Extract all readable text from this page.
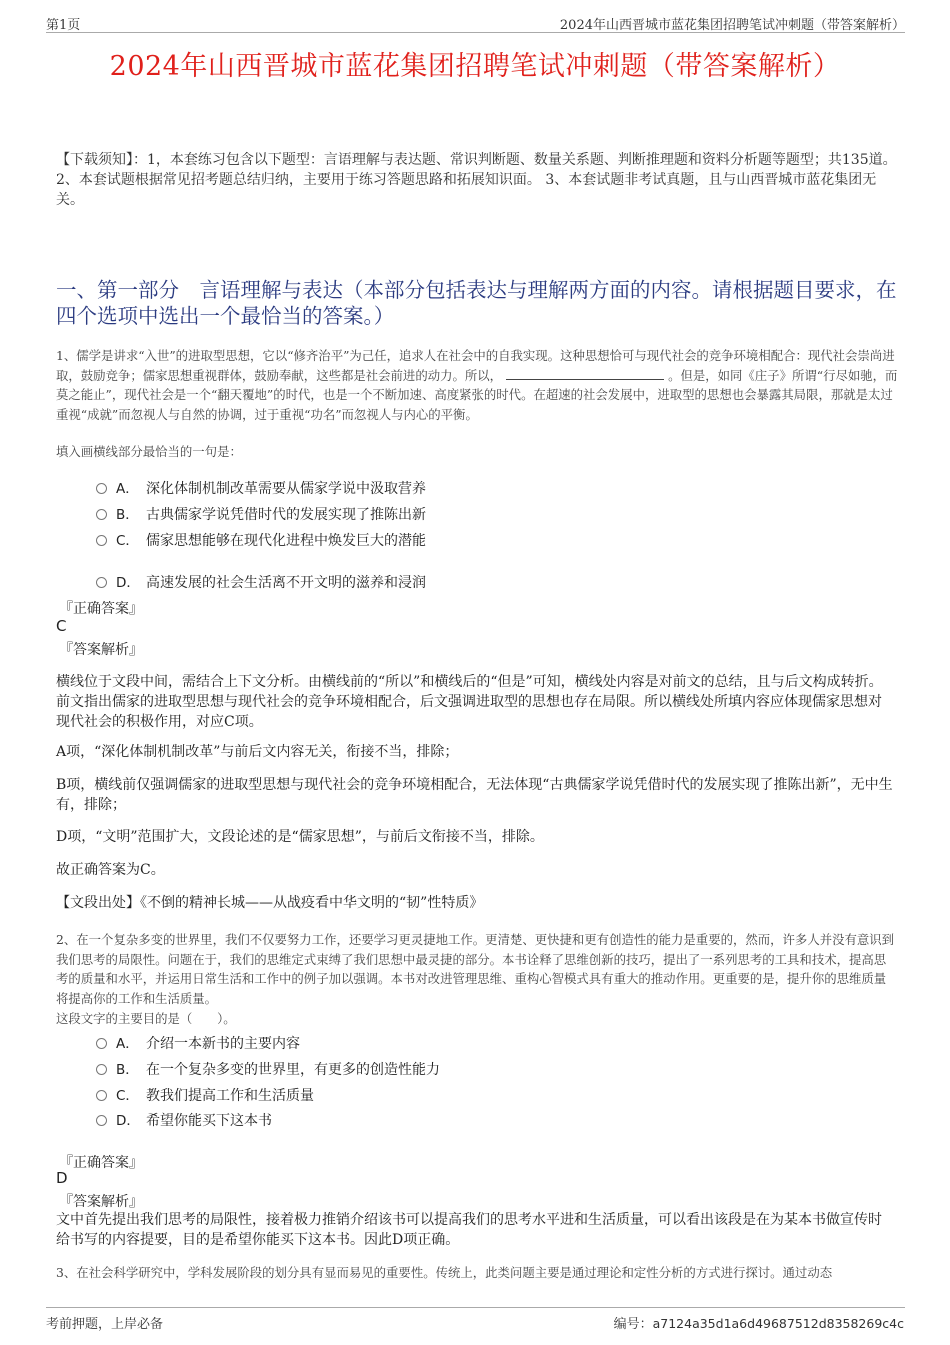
第1页	2024年山西晋城市蓝花集团招聘笔试冲刺题（带答案解析）
2024年山西晋城市蓝花集团招聘笔试冲刺题（带答案解析）
【下载须知】：1，本套练习包含以下题型：言语理解与表达题、常识判断题、数量关系题、判断推理题和资料分析题等题型；共135道。 2、本套试题根据常见招考题总结归纳，主要用于练习答题思路和拓展知识面。 3、本套试题非考试真题，且与山西晋城市蓝花集团无关。
一、第一部分　言语理解与表达（本部分包括表达与理解两方面的内容。请根据题目要求，在四个选项中选出一个最恰当的答案。）
1、儒学是讲求“入世”的进取型思想，它以“修齐治平”为己任，追求人在社会中的自我实现。这种思想恰可与现代社会的竞争环境相配合：现代社会崇尚进取，鼓励竞争；儒家思想重视群体，鼓励奉献，这些都是社会前进的动力。所以，	。但是，如同《庄子》所谓“行尽如驰，而莫之能止”，现代社会是一个“翻天覆地”的时代，也是一个不断加速、高度紧张的时代。在超速的社会发展中，进取型的思想也会暴露其局限，那就是太过重视“成就”而忽视人与自然的协调，过于重视“功名”而忽视人与内心的平衡。
填入画横线部分最恰当的一句是：
A． 深化体制机制改革需要从儒家学说中汲取营养
B． 古典儒家学说凭借时代的发展实现了推陈出新
C． 儒家思想能够在现代化进程中焕发巨大的潜能
D． 高速发展的社会生活离不开文明的滋养和浸润
『正确答案』
C
『答案解析』
横线位于文段中间，需结合上下文分析。由横线前的“所以”和横线后的“但是”可知，横线处内容是对前文的总结，且与后文构成转折。前文指出儒家的进取型思想与现代社会的竞争环境相配合，后文强调进取型的思想也存在局限。所以横线处所填内容应体现儒家思想对现代社会的积极作用，对应C项。
A项，“深化体制机制改革”与前后文内容无关，衔接不当，排除；
B项，横线前仅强调儒家的进取型思想与现代社会的竞争环境相配合，无法体现“古典儒家学说凭借时代的发展实现了推陈出新”，无中生有，排除；
D项，“文明”范围扩大，文段论述的是“儒家思想”，与前后文衔接不当，排除。
故正确答案为C。
【文段出处】《不倒的精神长城——从战疫看中华文明的“韧”性特质》
2、在一个复杂多变的世界里，我们不仅要努力工作，还要学习更灵捷地工作。更清楚、更快捷和更有创造性的能力是重要的，然而，许多人并没有意识到我们思考的局限性。问题在于，我们的思维定式束缚了我们思想中最灵捷的部分。本书诠释了思维创新的技巧，提出了一系列思考的工具和技术，提高思考的质量和水平，并运用日常生活和工作中的例子加以强调。本书对改进管理思维、重构心智模式具有重大的推动作用。更重要的是，提升你的思维质量将提高你的工作和生活质量。
这段文字的主要目的是（　　）。
A． 介绍一本新书的主要内容
B． 在一个复杂多变的世界里，有更多的创造性能力
C． 教我们提高工作和生活质量
D． 希望你能买下这本书
『正确答案』
D
『答案解析』
文中首先提出我们思考的局限性，接着极力推销介绍该书可以提高我们的思考水平进和生活质量，可以看出该段是在为某本书做宣传时给书写的内容提要，目的是希望你能买下这本书。因此D项正确。
3、在社会科学研究中，学科发展阶段的划分具有显而易见的重要性。传统上，此类问题主要是通过理论和定性分析的方式进行探讨。通过动态
考前押题，上岸必备	编号：a7124a35d1a6d49687512d8358269c4c
